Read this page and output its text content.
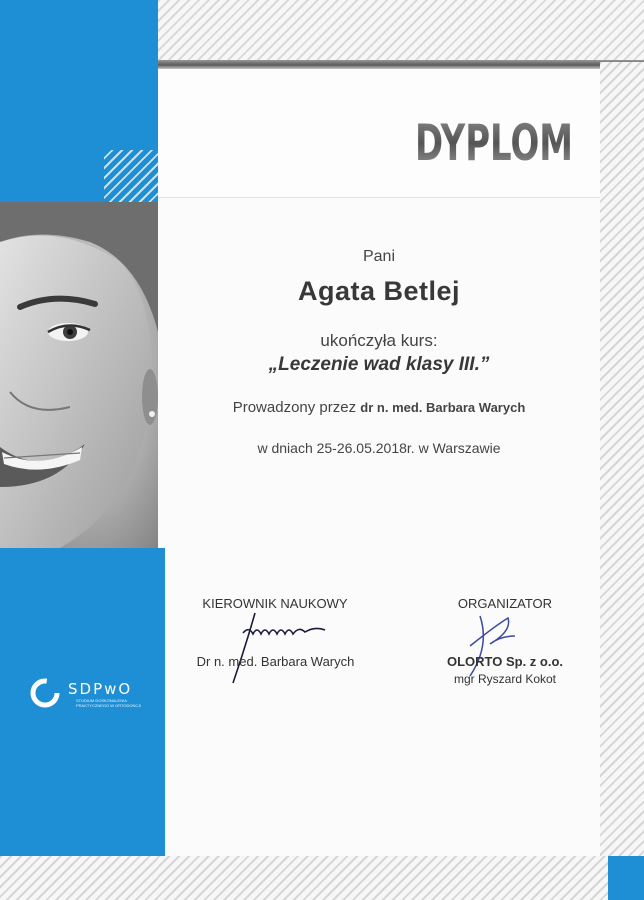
SDPwO
STUDIUM DOSKONALENIA PRAKTYCZNEGO W ORTODONCJI
DYPLOM
Pani
Agata Betlej
ukończyła kurs:
„Leczenie wad klasy III.”
Prowadzony przez dr n. med. Barbara Warych
w dniach 25-26.05.2018r. w Warszawie
KIEROWNIK NAUKOWY
Dr n. med. Barbara Warych
ORGANIZATOR
OLORTO Sp. z o.o.
mgr Ryszard Kokot
